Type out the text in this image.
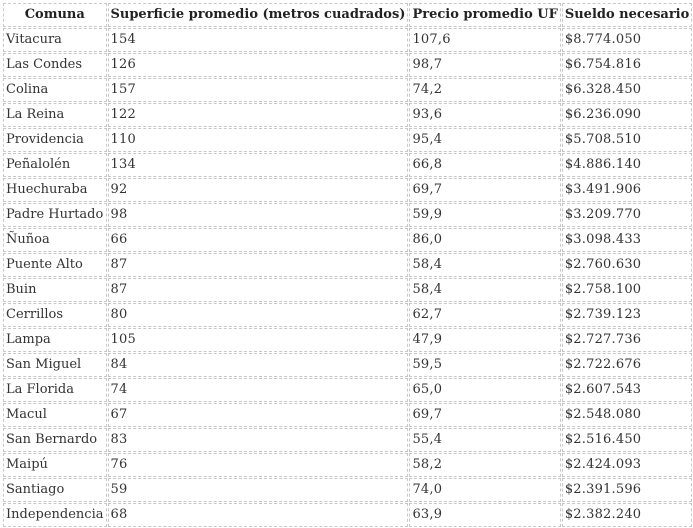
Comuna	Superficie promedio (metros cuadrados)	Precio promedio UF	Sueldo necesario
Vitacura	154	107,6	$8.774.050
Las Condes	126	98,7	$6.754.816
Colina	157	74,2	$6.328.450
La Reina	122	93,6	$6.236.090
Providencia	110	95,4	$5.708.510
Peñalolén	134	66,8	$4.886.140
Huechuraba	92	69,7	$3.491.906
Padre Hurtado	98	59,9	$3.209.770
Ñuñoa	66	86,0	$3.098.433
Puente Alto	87	58,4	$2.760.630
Buin	87	58,4	$2.758.100
Cerrillos	80	62,7	$2.739.123
Lampa	105	47,9	$2.727.736
San Miguel	84	59,5	$2.722.676
La Florida	74	65,0	$2.607.543
Macul	67	69,7	$2.548.080
San Bernardo	83	55,4	$2.516.450
Maipú	76	58,2	$2.424.093
Santiago	59	74,0	$2.391.596
Independencia	68	63,9	$2.382.240
